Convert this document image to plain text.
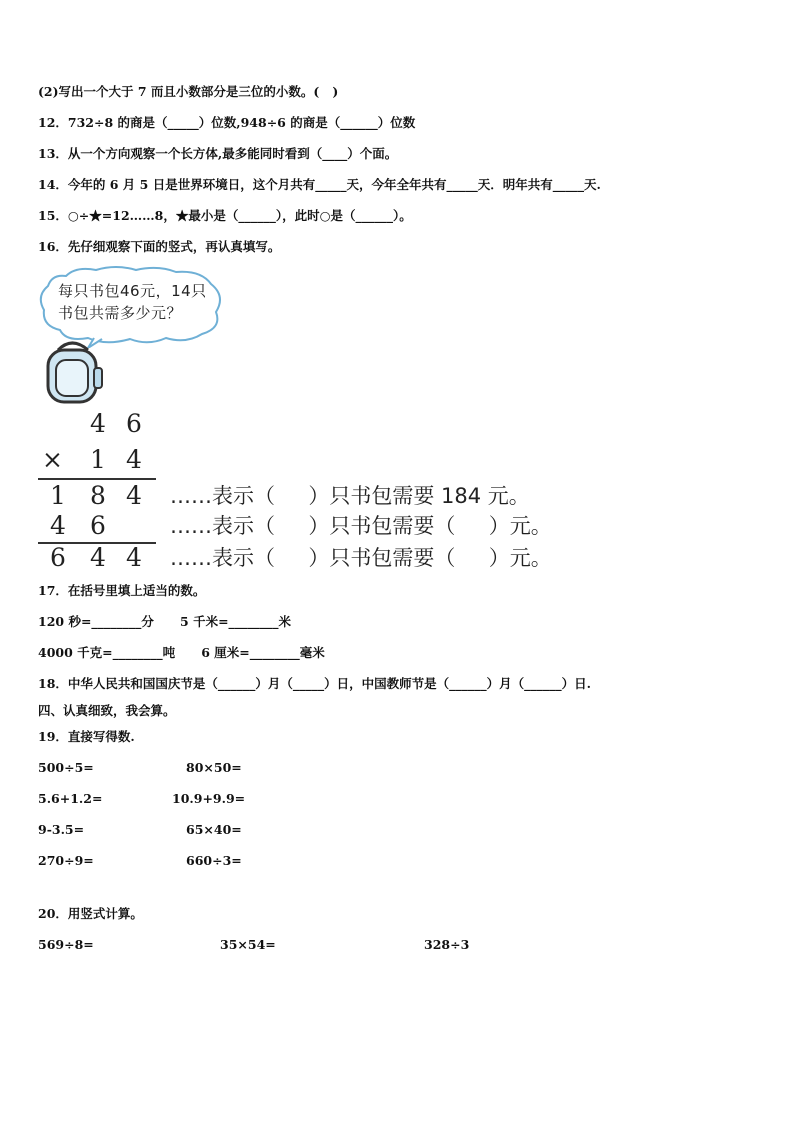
(2)写出一个大于 7 而且小数部分是三位的小数。(   )
12．732÷8 的商是（_____）位数,948÷6 的商是（______）位数
13．从一个方向观察一个长方体,最多能同时看到（____）个面。
14．今年的 6 月 5 日是世界环境日，这个月共有_____天，今年全年共有_____天．明年共有_____天.
15．○÷★=12……8，★最小是（______），此时○是（______）。
16．先仔细观察下面的竖式，再认真填写。
每只书包46元，14只书包共需多少元？
4 6
× 1 4
1 8 4 ……表示（     ）只书包需要 184 元。
4 6	……表示（     ）只书包需要（     ）元。
6 4 4 ……表示（     ）只书包需要（     ）元。
17．在括号里填上适当的数。
120 秒=________分      5 千米=________米
4000 千克=________吨      6 厘米=________毫米
18．中华人民共和国国庆节是（______）月（_____）日，中国教师节是（______）月（______）日.
四、认真细致，我会算。
19．直接写得数.
500÷5=	80×50=
5.6+1.2=	10.9+9.9=
9-3.5=	65×40=
270÷9=	660÷3=
20．用竖式计算。
569÷8=	35×54=	328÷3
